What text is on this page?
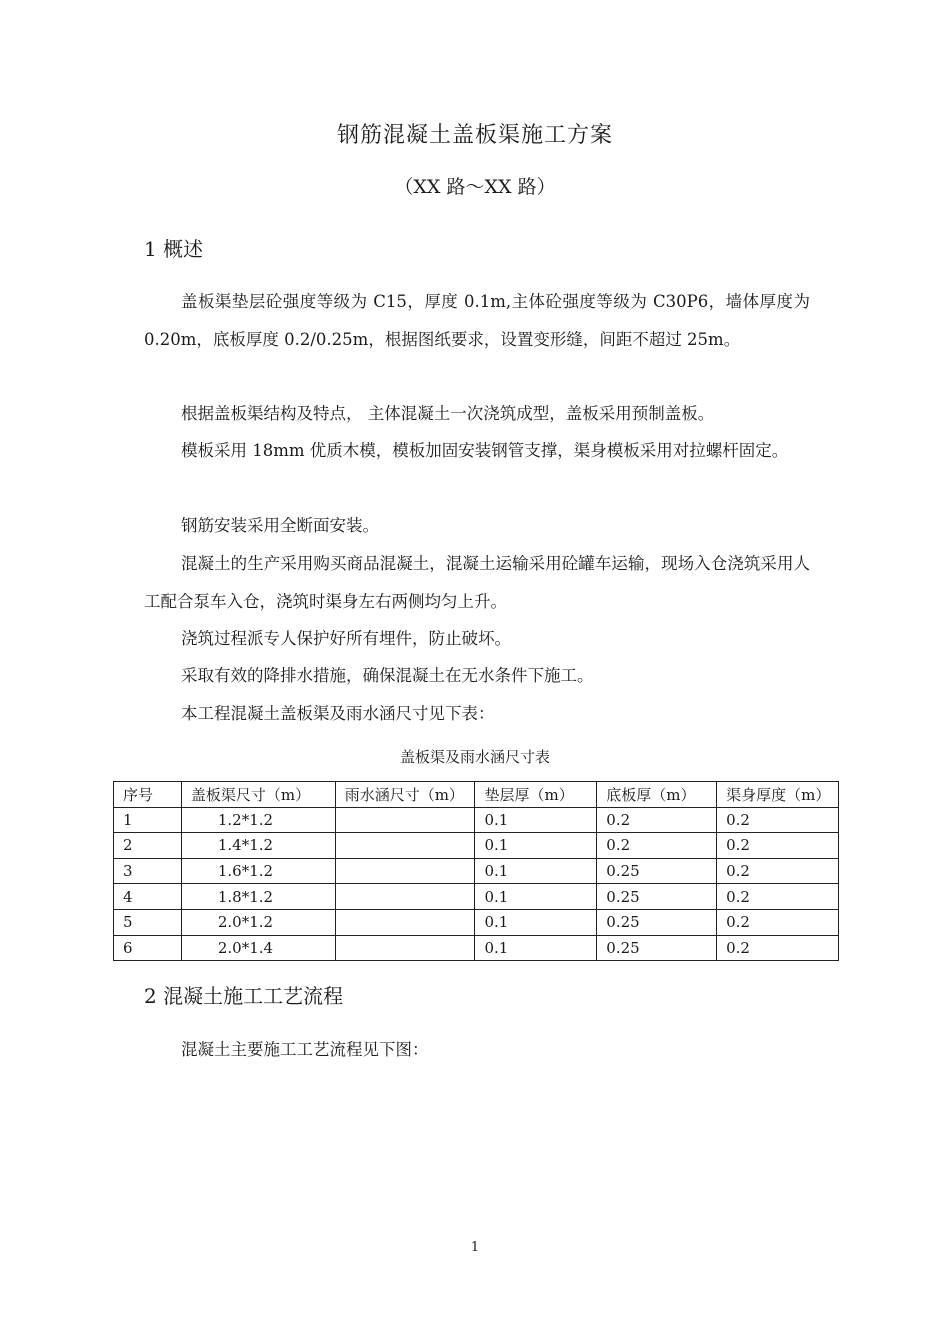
钢筋混凝土盖板渠施工方案
（XX 路～XX 路）
1 概述
盖板渠垫层砼强度等级为 C15，厚度 0.1m,主体砼强度等级为 C30P6，墙体厚度为 0.20m，底板厚度 0.2/0.25m，根据图纸要求，设置变形缝，间距不超过 25m。
根据盖板渠结构及特点， 主体混凝土一次浇筑成型，盖板采用预制盖板。
模板采用 18mm 优质木模，模板加固安装钢管支撑，渠身模板采用对拉螺杆固定。
钢筋安装采用全断面安装。
混凝土的生产采用购买商品混凝土，混凝土运输采用砼罐车运输，现场入仓浇筑采用人工配合泵车入仓，浇筑时渠身左右两侧均匀上升。
浇筑过程派专人保护好所有埋件，防止破坏。
采取有效的降排水措施，确保混凝土在无水条件下施工。
本工程混凝土盖板渠及雨水涵尺寸见下表：
盖板渠及雨水涵尺寸表
序号	盖板渠尺寸（m）	雨水涵尺寸（m）	垫层厚（m）	底板厚（m）	渠身厚度（m）
1	1.2*1.2		0.1	0.2	0.2
2	1.4*1.2		0.1	0.2	0.2
3	1.6*1.2		0.1	0.25	0.2
4	1.8*1.2		0.1	0.25	0.2
5	2.0*1.2		0.1	0.25	0.2
6	2.0*1.4		0.1	0.25	0.2
2 混凝土施工工艺流程
混凝土主要施工工艺流程见下图：
1
